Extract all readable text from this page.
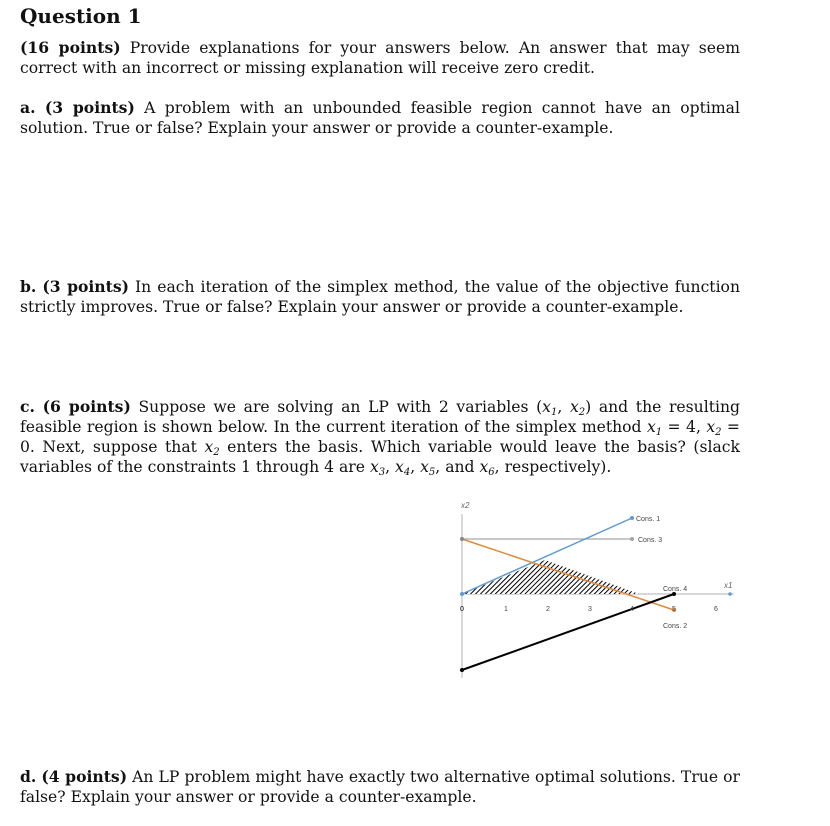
Question 1

(16 points) Provide explanations for your answers below. An answer that may seem correct with an incorrect or missing explanation will receive zero credit.

a. (3 points) A problem with an unbounded feasible region cannot have an optimal solution. True or false? Explain your answer or provide a counter-example.

b. (3 points) In each iteration of the simplex method, the value of the objective function strictly improves. True or false? Explain your answer or provide a counter-example.

c. (6 points) Suppose we are solving an LP with 2 variables ($x_1$, $x_2$) and the resulting feasible region is shown below. In the current iteration of the simplex method $x_1 = 4$, $x_2 = 0$. Next, suppose that $x_2$ enters the basis. Which variable would leave the basis? (slack variables of the constraints 1 through 4 are $x_3$, $x_4$, $x_5$, and $x_6$, respectively).

x2
x1
0	1	2	3	4	5	6
Cons. 1
Cons. 3
Cons. 4
Cons. 2

d. (4 points) An LP problem might have exactly two alternative optimal solutions. True or false? Explain your answer or provide a counter-example.
